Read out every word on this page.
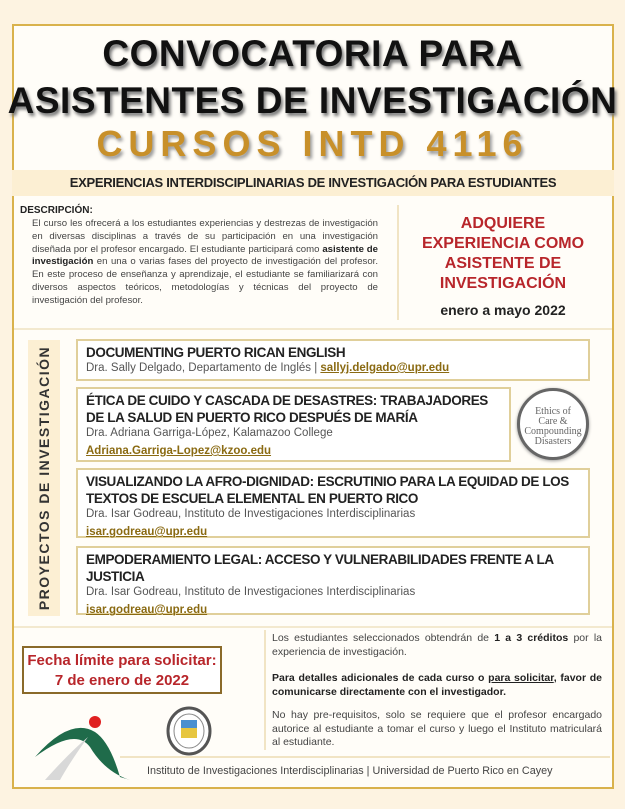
CONVOCATORIA PARA
ASISTENTES DE INVESTIGACIÓN
CURSOS INTD 4116
EXPERIENCIAS INTERDISCIPLINARIAS DE INVESTIGACIÓN PARA ESTUDIANTES
DESCRIPCIÓN:
El curso les ofrecerá a los estudiantes experiencias y destrezas de investigación en diversas disciplinas a través de su participación en una investigación diseñada por el profesor encargado. El estudiante participará como asistente de investigación en una o varias fases del proyecto de investigación del profesor. En este proceso de enseñanza y aprendizaje, el estudiante se familiarizará con diversos aspectos teóricos, metodologías y técnicas del proyecto de investigación del profesor.
ADQUIERE EXPERIENCIA COMO ASISTENTE DE INVESTIGACIÓN
enero a mayo 2022
PROYECTOS DE INVESTIGACIÓN	DOCUMENTING PUERTO RICAN ENGLISH
Dra. Sally Delgado, Departamento de Inglés | sallyj.delgado@upr.edu
ÉTICA DE CUIDO Y CASCADA DE DESASTRES: TRABAJADORES DE LA SALUD EN PUERTO RICO DESPUÉS DE MARÍA
Dra. Adriana Garriga-López, Kalamazoo College
Adriana.Garriga-Lopez@kzoo.edu
Ethics of
Care &
Compounding
Disasters
VISUALIZANDO LA AFRO-DIGNIDAD: ESCRUTINIO PARA LA EQUIDAD DE LOS TEXTOS DE ESCUELA ELEMENTAL EN PUERTO RICO
Dra. Isar Godreau, Instituto de Investigaciones Interdisciplinarias
isar.godreau@upr.edu
EMPODERAMIENTO LEGAL: ACCESO Y VULNERABILIDADES FRENTE A LA JUSTICIA
Dra. Isar Godreau, Instituto de Investigaciones Interdisciplinarias
isar.godreau@upr.edu
Fecha límite para solicitar:
7 de enero de 2022
Los estudiantes seleccionados obtendrán de 1 a 3 créditos por la experiencia de investigación.
Para detalles adicionales de cada curso o para solicitar, favor de comunicarse directamente con el investigador.
No hay pre-requisitos, solo se requiere que el profesor encargado autorice al estudiante a tomar el curso y luego el Instituto matriculará al estudiante.
Instituto de Investigaciones Interdisciplinarias | Universidad de Puerto Rico en Cayey
